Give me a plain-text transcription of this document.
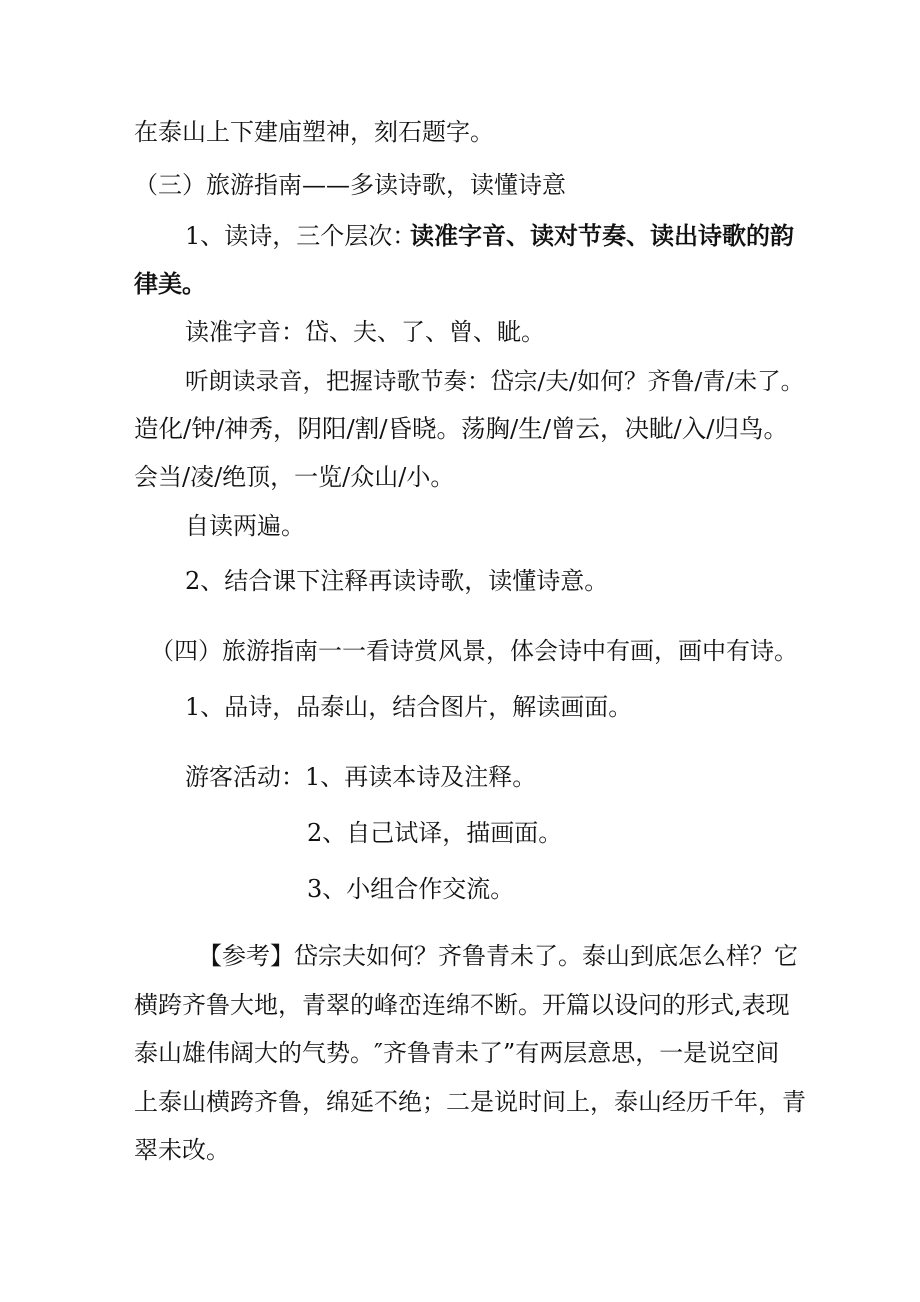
在泰山上下建庙塑神，刻石题字。
（三）旅游指南——多读诗歌，读懂诗意
1、读诗，三个层次：
读准字音、读对节奏、读出诗歌的韵
律美。
读准字音：岱、夫、了、曾、眦。
听朗读录音，把握诗歌节奏：岱宗/夫/如何？齐鲁/青/未了。
造化/钟/神秀，阴阳/割/昏晓。荡胸/生/曾云，决眦/入/归鸟。
会当/凌/绝顶，一览/众山/小。
自读两遍。
2、结合课下注释再读诗歌，读懂诗意。
（四）旅游指南一一看诗赏风景，体会诗中有画，画中有诗。
1、品诗，品泰山，结合图片，解读画面。
游客活动：1、再读本诗及注释。
2、自己试译，描画面。
3、小组合作交流。
【参考】岱宗夫如何？齐鲁青未了。泰山到底怎么样？它
横跨齐鲁大地，青翠的峰峦连绵不断。开篇以设问的形式,表现
泰山雄伟阔大的气势。″齐鲁青未了”有两层意思，一是说空间
上泰山横跨齐鲁，绵延不绝；二是说时间上，泰山经历千年，青
翠未改。
